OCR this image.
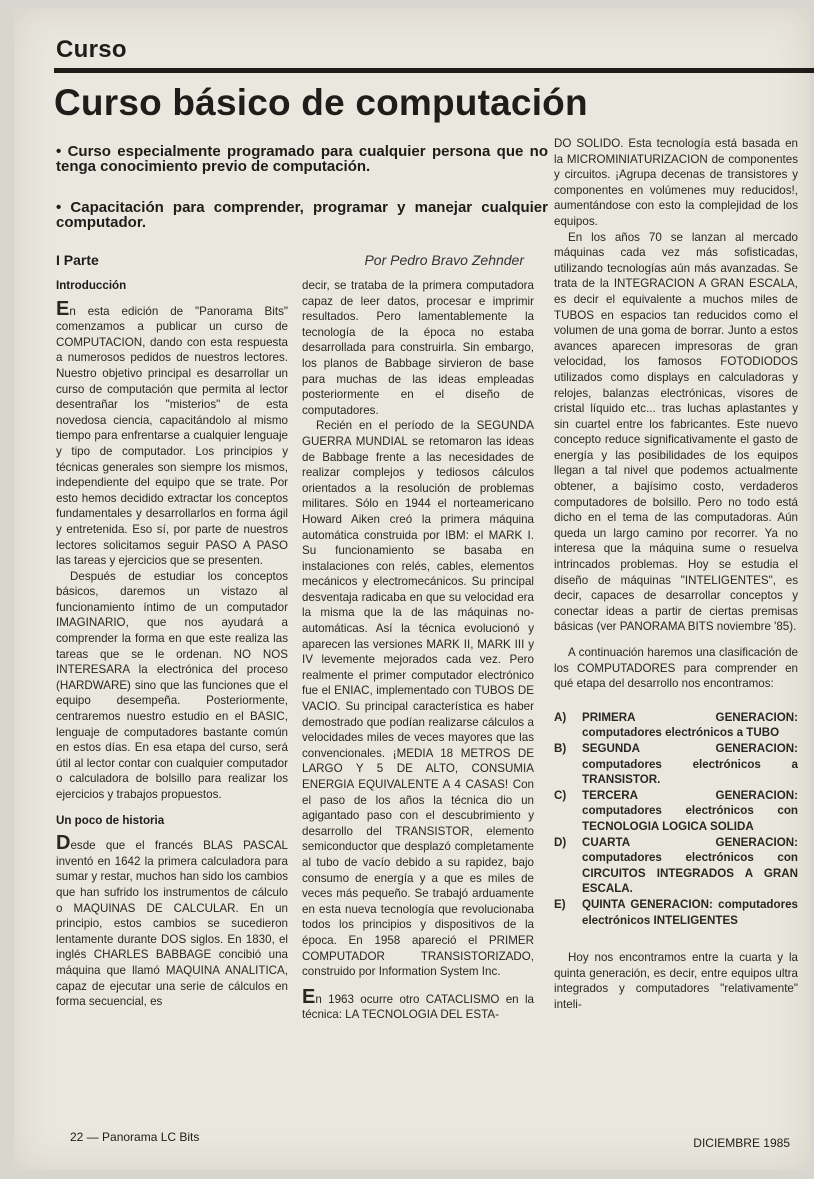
Curso
Curso básico de computación
• Curso especialmente programado para cualquier persona que no tenga conocimiento previo de computación.
• Capacitación para comprender, programar y manejar cualquier computador.
I Parte	Por Pedro Bravo Zehnder
Introducción

En esta edición de "Panorama Bits" comenzamos a publicar un curso de COMPUTACION, dando con esta respuesta a numerosos pedidos de nuestros lectores. Nuestro objetivo principal es desarrollar un curso de computación que permita al lector desentrañar los "misterios" de esta novedosa ciencia, capacitándolo al mismo tiempo para enfrentarse a cualquier lenguaje y tipo de computador. Los principios y técnicas generales son siempre los mismos, independiente del equipo que se trate. Por esto hemos decidido extractar los conceptos fundamentales y desarrollarlos en forma ágil y entretenida. Eso sí, por parte de nuestros lectores solicitamos seguir PASO A PASO las tareas y ejercicios que se presenten.

Después de estudiar los conceptos básicos, daremos un vistazo al funcionamiento íntimo de un computador IMAGINARIO, que nos ayudará a comprender la forma en que este realiza las tareas que se le ordenan. NO NOS INTERESARA la electrónica del proceso (HARDWARE) sino que las funciones que el equipo desempeña. Posteriormente, centraremos nuestro estudio en el BASIC, lenguaje de computadores bastante común en estos días. En esa etapa del curso, será útil al lector contar con cualquier computador o calculadora de bolsillo para realizar los ejercicios y trabajos propuestos.

Un poco de historia

Desde que el francés BLAS PASCAL inventó en 1642 la primera calculadora para sumar y restar, muchos han sido los cambios que han sufrido los instrumentos de cálculo o MAQUINAS DE CALCULAR. En un principio, estos cambios se sucedieron lentamente durante DOS siglos. En 1830, el inglés CHARLES BABBAGE concibió una máquina que llamó MAQUINA ANALITICA, capaz de ejecutar una serie de cálculos en forma secuencial, es

decir, se trataba de la primera computadora capaz de leer datos, procesar e imprimir resultados. Pero lamentablemente la tecnología de la época no estaba desarrollada para construirla. Sin embargo, los planos de Babbage sirvieron de base para muchas de las ideas empleadas posteriormente en el diseño de computadores.

Recién en el período de la SEGUNDA GUERRA MUNDIAL se retomaron las ideas de Babbage frente a las necesidades de realizar complejos y tediosos cálculos orientados a la resolución de problemas militares. Sólo en 1944 el norteamericano Howard Aiken creó la primera máquina automática construida por IBM: el MARK I. Su funcionamiento se basaba en instalaciones con relés, cables, elementos mecánicos y electromecánicos. Su principal desventaja radicaba en que su velocidad era la misma que la de las máquinas no-automáticas. Así la técnica evolucionó y aparecen las versiones MARK II, MARK III y IV levemente mejorados cada vez. Pero realmente el primer computador electrónico fue el ENIAC, implementado con TUBOS DE VACIO. Su principal característica es haber demostrado que podían realizarse cálculos a velocidades miles de veces mayores que las convencionales. ¡MEDIA 18 METROS DE LARGO Y 5 DE ALTO, CONSUMIA ENERGIA EQUIVALENTE A 4 CASAS! Con el paso de los años la técnica dio un agigantado paso con el descubrimiento y desarrollo del TRANSISTOR, elemento semiconductor que desplazó completamente al tubo de vacío debido a su rapidez, bajo consumo de energía y a que es miles de veces más pequeño. Se trabajó arduamente en esta nueva tecnología que revolucionaba todos los principios y dispositivos de la época. En 1958 apareció el PRIMER COMPUTADOR TRANSISTORIZADO, construido por Information System Inc.

En 1963 ocurre otro CATACLISMO en la técnica: LA TECNOLOGIA DEL ESTA-

DO SOLIDO. Esta tecnología está basada en la MICROMINIATURIZACION de componentes y circuitos. ¡Agrupa decenas de transistores y componentes en volúmenes muy reducidos!, aumentándose con esto la complejidad de los equipos.

En los años 70 se lanzan al mercado máquinas cada vez más sofisticadas, utilizando tecnologías aún más avanzadas. Se trata de la INTEGRACION A GRAN ESCALA, es decir el equivalente a muchos miles de TUBOS en espacios tan reducidos como el volumen de una goma de borrar. Junto a estos avances aparecen impresoras de gran velocidad, los famosos FOTODIODOS utilizados como displays en calculadoras y relojes, balanzas electrónicas, visores de cristal líquido etc... tras luchas aplastantes y sin cuartel entre los fabricantes. Este nuevo concepto reduce significativamente el gasto de energía y las posibilidades de los equipos llegan a tal nivel que podemos actualmente obtener, a bajísimo costo, verdaderos computadores de bolsillo. Pero no todo está dicho en el tema de las computadoras. Aún queda un largo camino por recorrer. Ya no interesa que la máquina sume o resuelva intrincados problemas. Hoy se estudia el diseño de máquinas "INTELIGENTES", es decir, capaces de desarrollar conceptos y conectar ideas a partir de ciertas premisas básicas (ver PANORAMA BITS noviembre '85).

A continuación haremos una clasificación de los COMPUTADORES para comprender en qué etapa del desarrollo nos encontramos:

A) PRIMERA GENERACION: computadores electrónicos a TUBO
B) SEGUNDA GENERACION: computadores electrónicos a TRANSISTOR.
C) TERCERA GENERACION: computadores electrónicos con TECNOLOGIA LOGICA SOLIDA
D) CUARTA GENERACION: computadores electrónicos con CIRCUITOS INTEGRADOS A GRAN ESCALA.
E) QUINTA GENERACION: computadores electrónicos INTELIGENTES

Hoy nos encontramos entre la cuarta y la quinta generación, es decir, entre equipos ultra integrados y computadores "relativamente" inteli-

22 — Panorama LC Bits	DICIEMBRE 1985
